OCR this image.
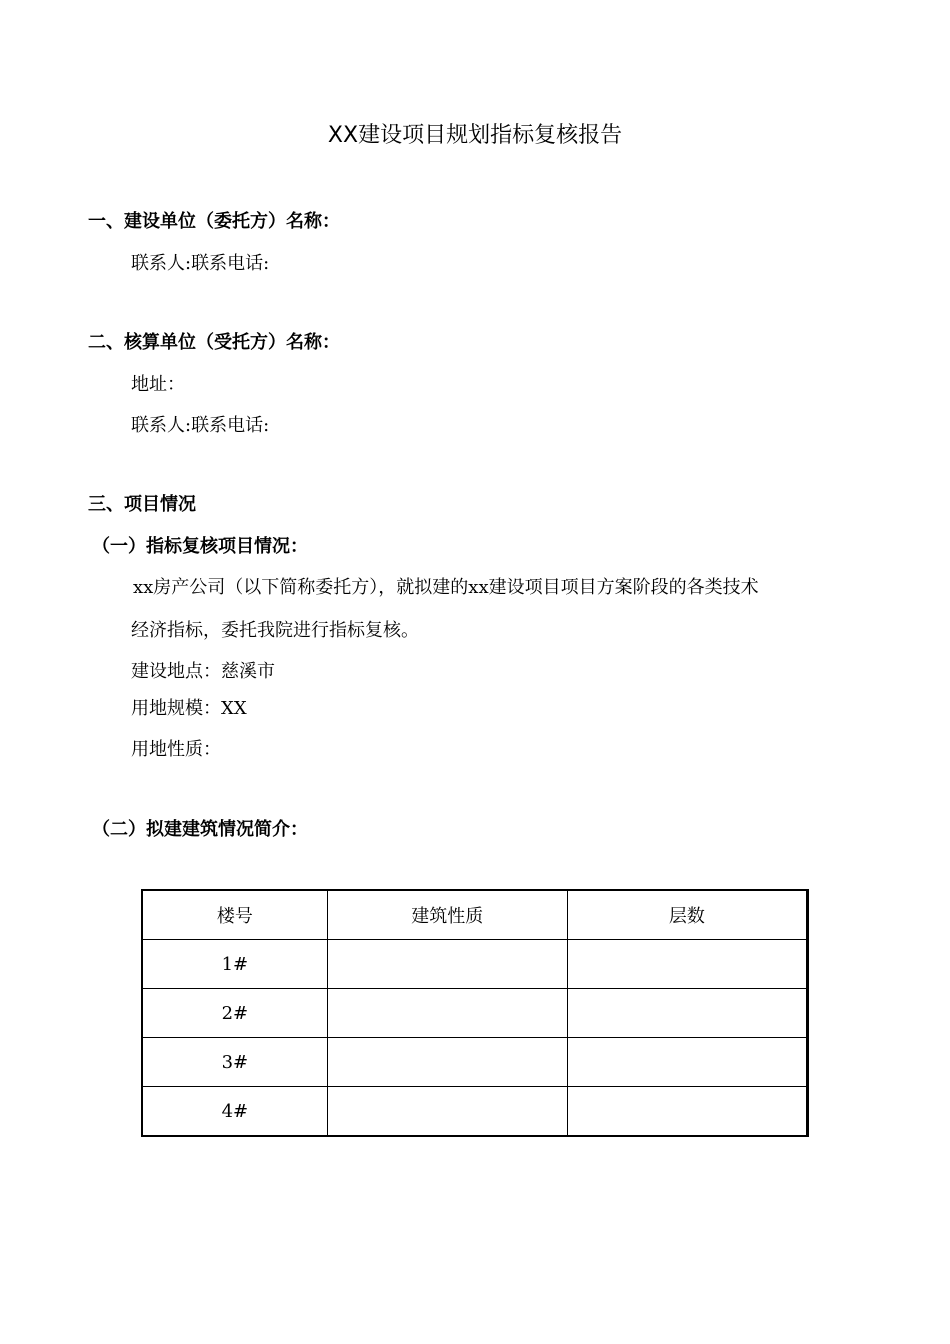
XX建设项目规划指标复核报告
一、建设单位（委托方）名称：
联系人:联系电话:
二、核算单位（受托方）名称：
地址：
联系人:联系电话:
三、项目情况
（一）指标复核项目情况：
xx房产公司（以下简称委托方），就拟建的xx建设项目项目方案阶段的各类技术
经济指标，委托我院进行指标复核。
建设地点：慈溪市
用地规模：XX
用地性质：
（二）拟建建筑情况简介：
楼号	建筑性质	层数
1#		
2#		
3#		
4#		
